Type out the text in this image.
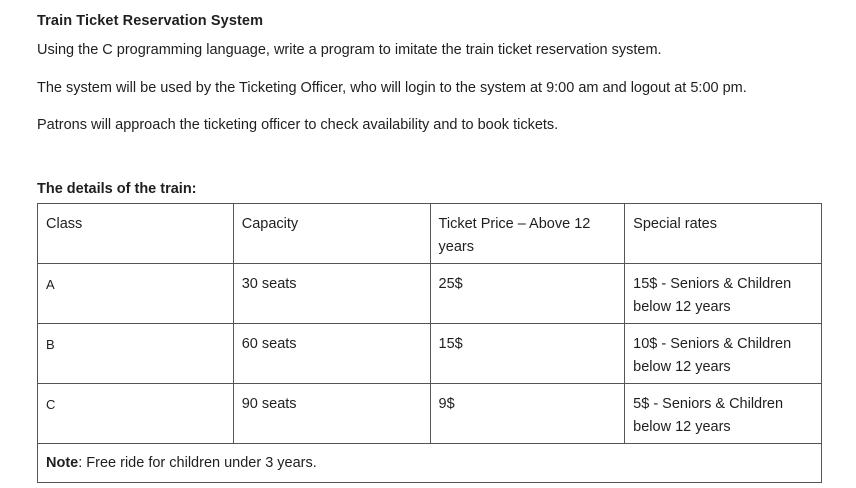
Train Ticket Reservation System
Using the C programming language, write a program to imitate the train ticket reservation system.
The system will be used by the Ticketing Officer, who will login to the system at 9:00 am and logout at 5:00 pm.
Patrons will approach the ticketing officer to check availability and to book tickets.
The details of the train:
Class	Capacity	Ticket Price – Above 12 years	Special rates
A	30 seats	25$	15$ - Seniors & Children below 12 years
B	60 seats	15$	10$ - Seniors & Children below 12 years
C	90 seats	9$	5$ - Seniors & Children below 12 years
Note: Free ride for children under 3 years.			
